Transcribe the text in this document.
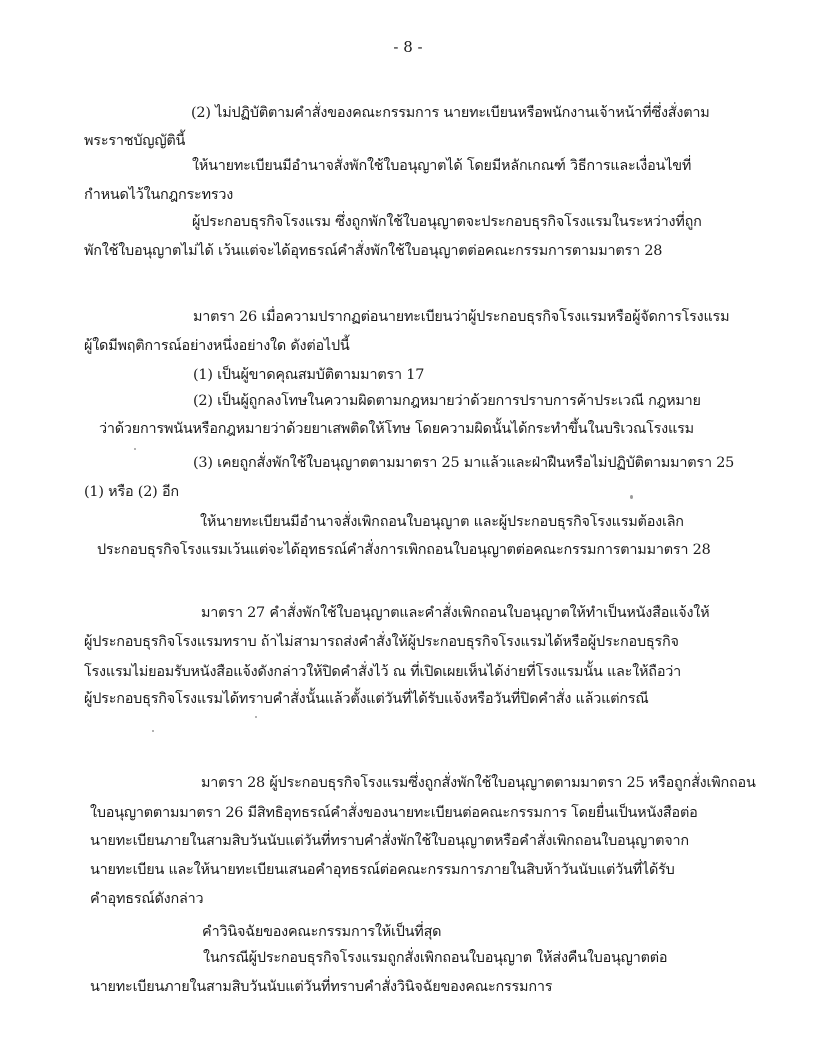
- 8 -
(2) ไม่ปฏิบัติตามคำสั่งของคณะกรรมการ นายทะเบียนหรือพนักงานเจ้าหน้าที่ซึ่งสั่งตาม
พระราชบัญญัตินี้
ให้นายทะเบียนมีอำนาจสั่งพักใช้ใบอนุญาตได้ โดยมีหลักเกณฑ์ วิธีการและเงื่อนไขที่
กำหนดไว้ในกฎกระทรวง
ผู้ประกอบธุรกิจโรงแรม ซึ่งถูกพักใช้ใบอนุญาตจะประกอบธุรกิจโรงแรมในระหว่างที่ถูก
พักใช้ใบอนุญาตไม่ได้ เว้นแต่จะได้อุทธรณ์คำสั่งพักใช้ใบอนุญาตต่อคณะกรรมการตามมาตรา 28
มาตรา 26 เมื่อความปรากฏต่อนายทะเบียนว่าผู้ประกอบธุรกิจโรงแรมหรือผู้จัดการโรงแรม
ผู้ใดมีพฤติการณ์อย่างหนึ่งอย่างใด ดังต่อไปนี้
(1) เป็นผู้ขาดคุณสมบัติตามมาตรา 17
(2) เป็นผู้ถูกลงโทษในความผิดตามกฎหมายว่าด้วยการปราบการค้าประเวณี กฎหมาย
ว่าด้วยการพนันหรือกฎหมายว่าด้วยยาเสพติดให้โทษ โดยความผิดนั้นได้กระทำขึ้นในบริเวณโรงแรม
(3) เคยถูกสั่งพักใช้ใบอนุญาตตามมาตรา 25 มาแล้วและฝ่าฝืนหรือไม่ปฏิบัติตามมาตรา 25
(1) หรือ (2) อีก
ให้นายทะเบียนมีอำนาจสั่งเพิกถอนใบอนุญาต และผู้ประกอบธุรกิจโรงแรมต้องเลิก
ประกอบธุรกิจโรงแรมเว้นแต่จะได้อุทธรณ์คำสั่งการเพิกถอนใบอนุญาตต่อคณะกรรมการตามมาตรา 28
มาตรา 27 คำสั่งพักใช้ใบอนุญาตและคำสั่งเพิกถอนใบอนุญาตให้ทำเป็นหนังสือแจ้งให้
ผู้ประกอบธุรกิจโรงแรมทราบ ถ้าไม่สามารถส่งคำสั่งให้ผู้ประกอบธุรกิจโรงแรมได้หรือผู้ประกอบธุรกิจ
โรงแรมไม่ยอมรับหนังสือแจ้งดังกล่าวให้ปิดคำสั่งไว้ ณ ที่เปิดเผยเห็นได้ง่ายที่โรงแรมนั้น และให้ถือว่า
ผู้ประกอบธุรกิจโรงแรมได้ทราบคำสั่งนั้นแล้วตั้งแต่วันที่ได้รับแจ้งหรือวันที่ปิดคำสั่ง แล้วแต่กรณี
มาตรา 28 ผู้ประกอบธุรกิจโรงแรมซึ่งถูกสั่งพักใช้ใบอนุญาตตามมาตรา 25 หรือถูกสั่งเพิกถอน
ใบอนุญาตตามมาตรา 26 มีสิทธิอุทธรณ์คำสั่งของนายทะเบียนต่อคณะกรรมการ โดยยื่นเป็นหนังสือต่อ
นายทะเบียนภายในสามสิบวันนับแต่วันที่ทราบคำสั่งพักใช้ใบอนุญาตหรือคำสั่งเพิกถอนใบอนุญาตจาก
นายทะเบียน และให้นายทะเบียนเสนอคำอุทธรณ์ต่อคณะกรรมการภายในสิบห้าวันนับแต่วันที่ได้รับ
คำอุทธรณ์ดังกล่าว
คำวินิจฉัยของคณะกรรมการให้เป็นที่สุด
ในกรณีผู้ประกอบธุรกิจโรงแรมถูกสั่งเพิกถอนใบอนุญาต ให้ส่งคืนใบอนุญาตต่อ
นายทะเบียนภายในสามสิบวันนับแต่วันที่ทราบคำสั่งวินิจฉัยของคณะกรรมการ
